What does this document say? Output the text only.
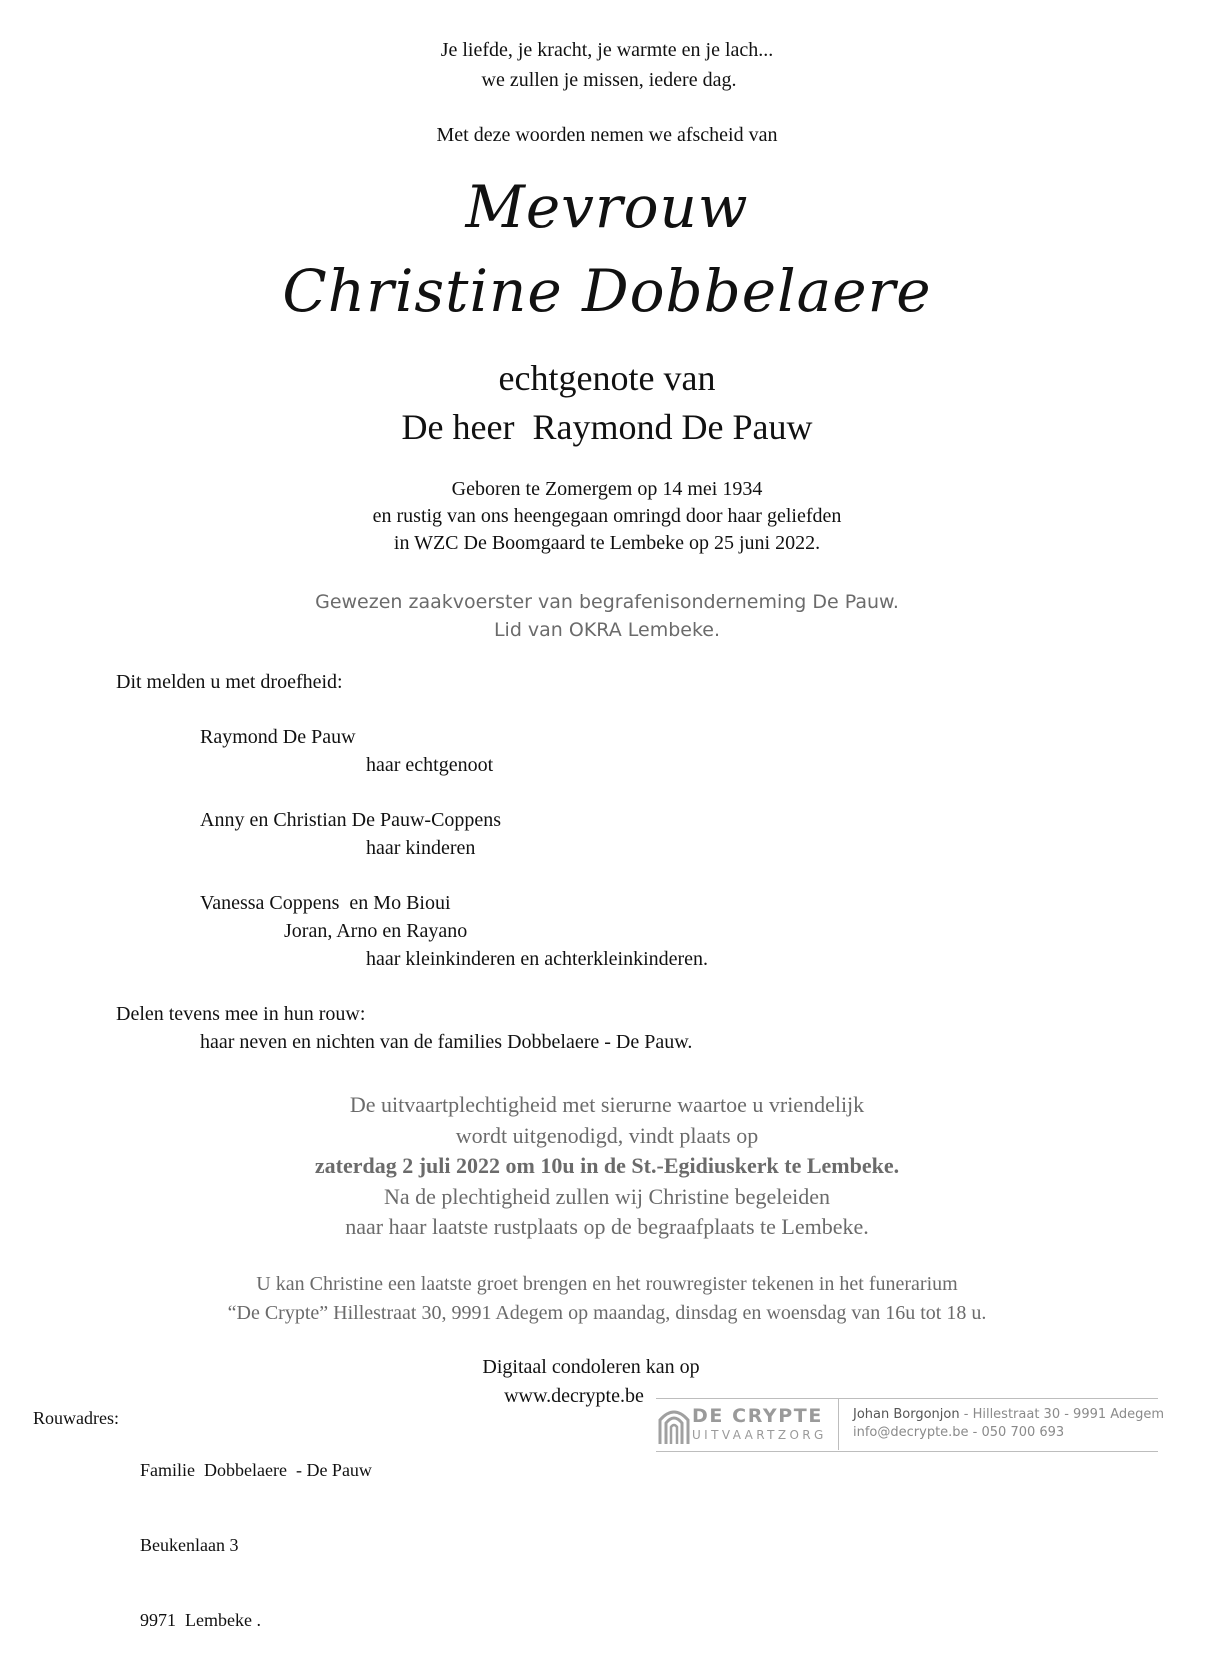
Je liefde, je kracht, je warmte en je lach...
we zullen je missen, iedere dag.
Met deze woorden nemen we afscheid van
Mevrouw
Christine Dobbelaere
echtgenote van
De heer  Raymond De Pauw
Geboren te Zomergem op 14 mei 1934
en rustig van ons heengegaan omringd door haar geliefden
in WZC De Boomgaard te Lembeke op 25 juni 2022.
Gewezen zaakvoerster van begrafenisonderneming De Pauw.
Lid van OKRA Lembeke.
Dit melden u met droefheid:
Raymond De Pauw
haar echtgenoot
Anny en Christian De Pauw-Coppens
haar kinderen
Vanessa Coppens  en Mo Bioui
Joran, Arno en Rayano
haar kleinkinderen en achterkleinkinderen.
Delen tevens mee in hun rouw:
haar neven en nichten van de families Dobbelaere - De Pauw.
De uitvaartplechtigheid met sierurne waartoe u vriendelijk
wordt uitgenodigd, vindt plaats op
zaterdag 2 juli 2022 om 10u in de St.-Egidiuskerk te Lembeke.
Na de plechtigheid zullen wij Christine begeleiden
naar haar laatste rustplaats op de begraafplaats te Lembeke.
U kan Christine een laatste groet brengen en het rouwregister tekenen in het funerarium
“De Crypte” Hillestraat 30, 9991 Adegem op maandag, dinsdag en woensdag van 16u tot 18 u.
Digitaal condoleren kan op
www.decrypte.be
Rouwadres:

Familie  Dobbelaere  - De Pauw

Beukenlaan 3

9971  Lembeke .

DE CRYPTE
UITVAARTZORG
Johan Borgonjon - Hillestraat 30 - 9991 Adegem
info@decrypte.be - 050 700 693
